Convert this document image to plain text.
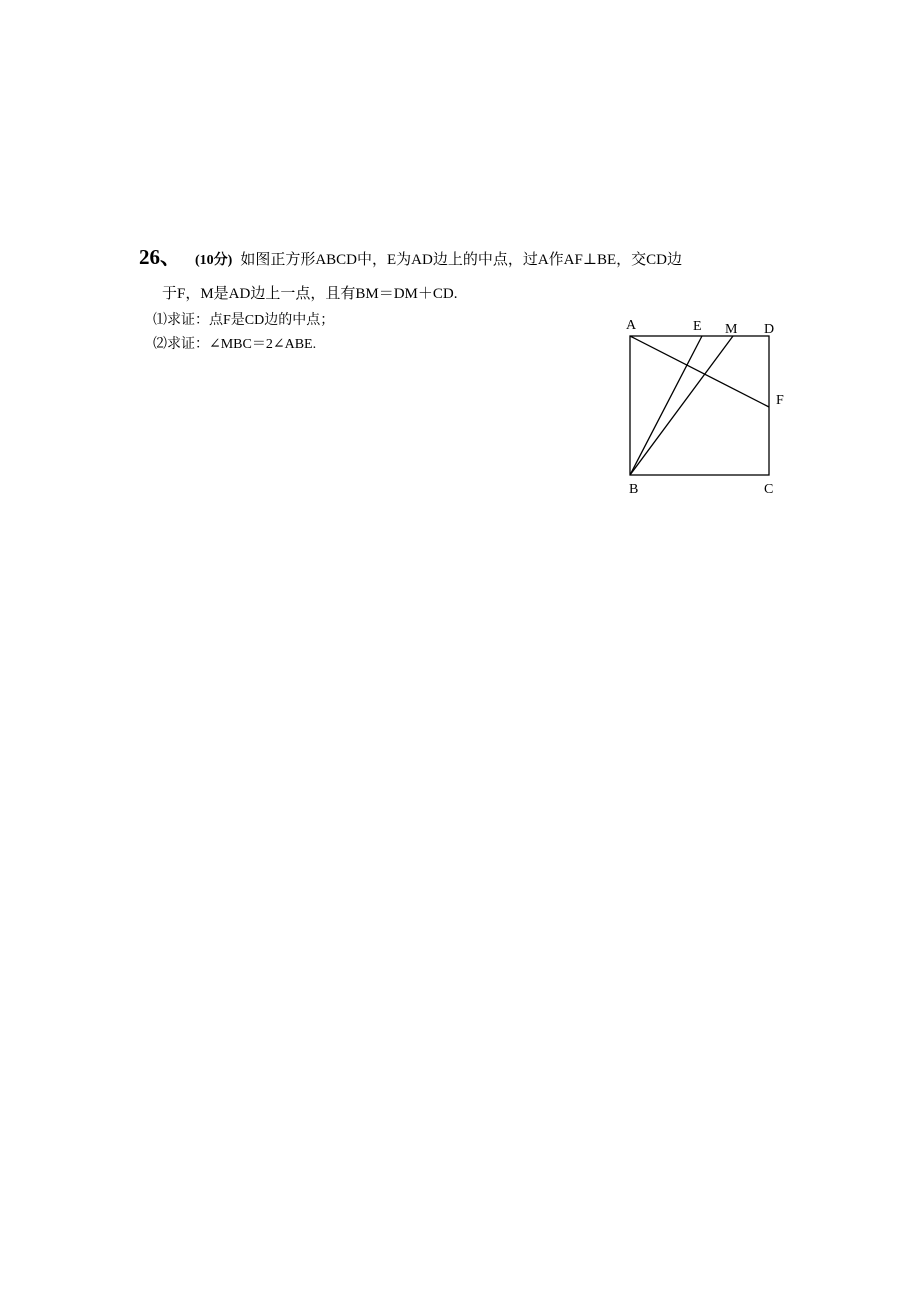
26、 (10分) 如图正方形ABCD中，E为AD边上的中点，过A作AF⊥BE，交CD边
于F，M是AD边上一点，且有BM＝DM＋CD.
⑴求证：点F是CD边的中点；
⑵求证：∠MBC＝2∠ABE.
A	E M D
F
B	C
